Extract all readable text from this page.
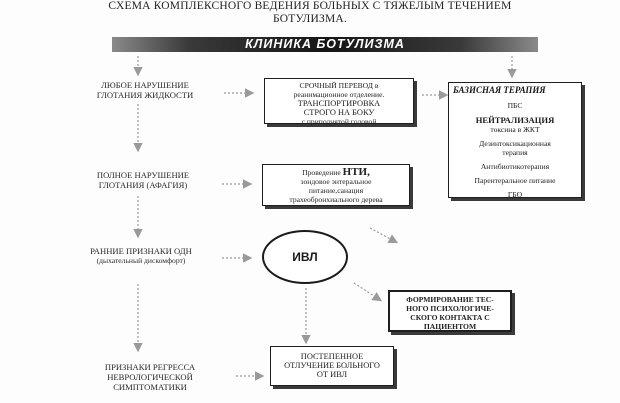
СХЕМА КОМПЛЕКСНОГО ВЕДЕНИЯ БОЛЬНЫХ С ТЯЖЕЛЫМ ТЕЧЕНИЕМ
БОТУЛИЗМА.
КЛИНИКА БОТУЛИЗМА
ЛЮБОЕ НАРУШЕНИЕ
ГЛОТАНИЯ ЖИДКОСТИ
ПОЛНОЕ НАРУШЕНИЕ
ГЛОТАНИЯ (АФАГИЯ)
РАННИЕ ПРИЗНАКИ ОДН
(дыхательный дискомфорт)
ПРИЗНАКИ РЕГРЕССА
НЕВРОЛОГИЧЕСКОЙ
СИМПТОМАТИКИ
СРОЧНЫЙ ПЕРЕВОД в
реанимационное отделение.
ТРАНСПОРТИРОВКА
СТРОГО НА БОКУ
с приподнятой головой
Проведение НТИ,
зондовое энтеральное
питание,санация
трахеобронхиального дерева
ИВЛ
ФОРМИРОВАНИЕ ТЕС-
НОГО ПСИХОЛОГИЧЕ-
СКОГО КОНТАКТА С
ПАЦИЕНТОМ
ПОСТЕПЕННОЕ
ОТЛУЧЕНИЕ БОЛЬНОГО
ОТ ИВЛ
БАЗИСНАЯ ТЕРАПИЯ
ПБС
НЕЙТРАЛИЗАЦИЯ
токсина в ЖКТ
Дезинтоксикационная
терапия
Антибиотикотерапия
Парентеральное питание
ГБО
